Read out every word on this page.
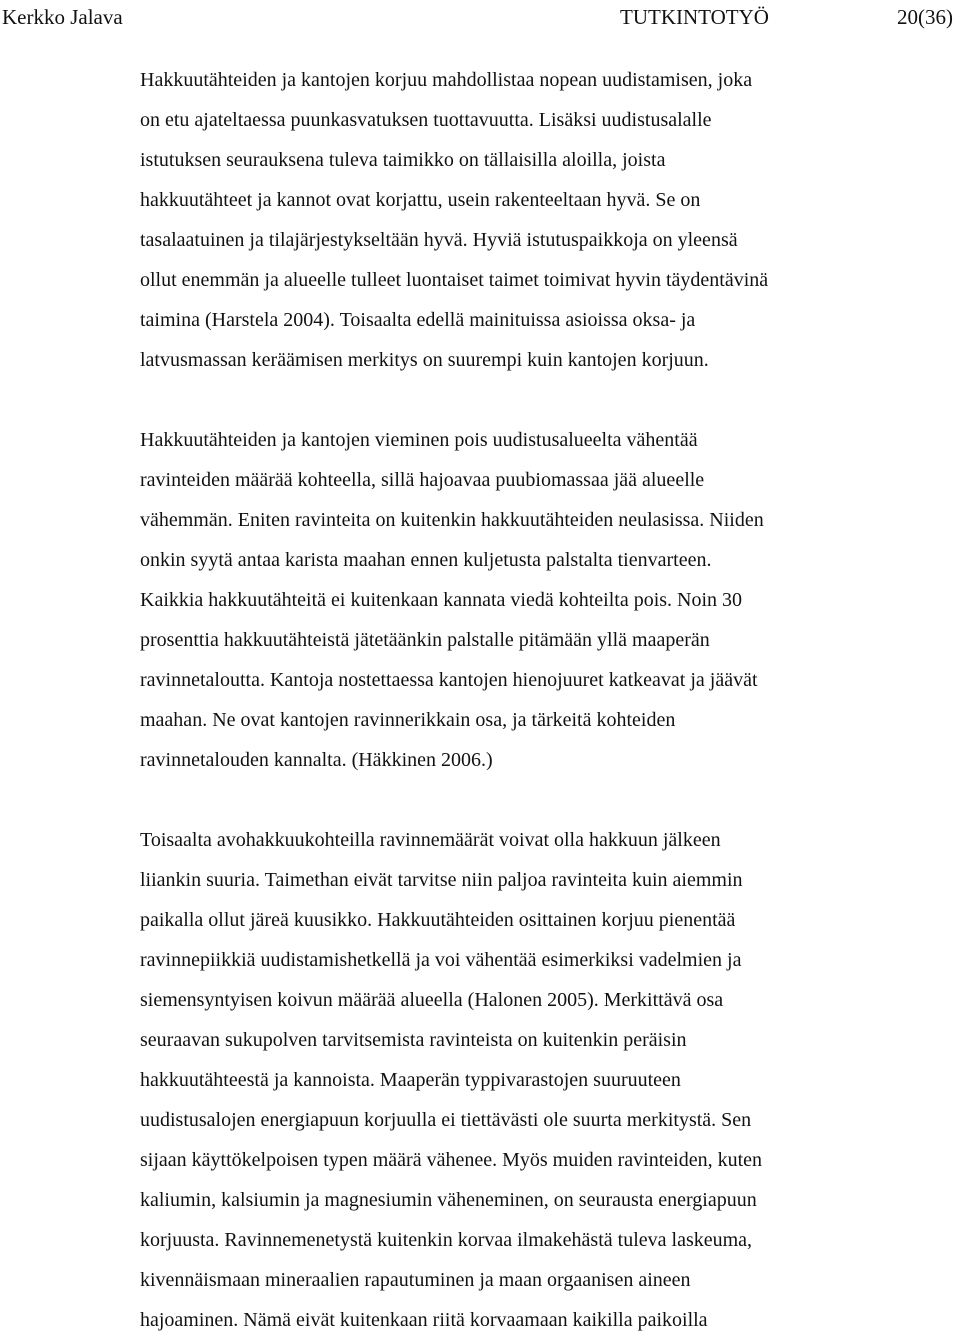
Kerkko Jalava	TUTKINTOTYÖ	20(36)
Hakkuutähteiden ja kantojen korjuu mahdollistaa nopean uudistamisen, joka
on etu ajateltaessa puunkasvatuksen tuottavuutta. Lisäksi uudistusalalle
istutuksen seurauksena tuleva taimikko on tällaisilla aloilla, joista
hakkuutähteet ja kannot ovat korjattu, usein rakenteeltaan hyvä. Se on
tasalaatuinen ja tilajärjestykseltään hyvä. Hyviä istutuspaikkoja on yleensä
ollut enemmän ja alueelle tulleet luontaiset taimet toimivat hyvin täydentävinä
taimina (Harstela 2004). Toisaalta edellä mainituissa asioissa oksa- ja
latvusmassan keräämisen merkitys on suurempi kuin kantojen korjuun.
Hakkuutähteiden ja kantojen vieminen pois uudistusalueelta vähentää
ravinteiden määrää kohteella, sillä hajoavaa puubiomassaa jää alueelle
vähemmän. Eniten ravinteita on kuitenkin hakkuutähteiden neulasissa. Niiden
onkin syytä antaa karista maahan ennen kuljetusta palstalta tienvarteen.
Kaikkia hakkuutähteitä ei kuitenkaan kannata viedä kohteilta pois. Noin 30
prosenttia hakkuutähteistä jätetäänkin palstalle pitämään yllä maaperän
ravinnetaloutta. Kantoja nostettaessa kantojen hienojuuret katkeavat ja jäävät
maahan. Ne ovat kantojen ravinnerikkain osa, ja tärkeitä kohteiden
ravinnetalouden kannalta. (Häkkinen 2006.)
Toisaalta avohakkuukohteilla ravinnemäärät voivat olla hakkuun jälkeen
liiankin suuria. Taimethan eivät tarvitse niin paljoa ravinteita kuin aiemmin
paikalla ollut järeä kuusikko. Hakkuutähteiden osittainen korjuu pienentää
ravinnepiikkiä uudistamishetkellä ja voi vähentää esimerkiksi vadelmien ja
siemensyntyisen koivun määrää alueella (Halonen 2005). Merkittävä osa
seuraavan sukupolven tarvitsemista ravinteista on kuitenkin peräisin
hakkuutähteestä ja kannoista. Maaperän typpivarastojen suuruuteen
uudistusalojen energiapuun korjuulla ei tiettävästi ole suurta merkitystä. Sen
sijaan käyttökelpoisen typen määrä vähenee. Myös muiden ravinteiden, kuten
kaliumin, kalsiumin ja magnesiumin väheneminen, on seurausta energiapuun
korjuusta. Ravinnemenetystä kuitenkin korvaa ilmakehästä tuleva laskeuma,
kivennäismaan mineraalien rapautuminen ja maan orgaanisen aineen
hajoaminen. Nämä eivät kuitenkaan riitä korvaamaan kaikilla paikoilla
